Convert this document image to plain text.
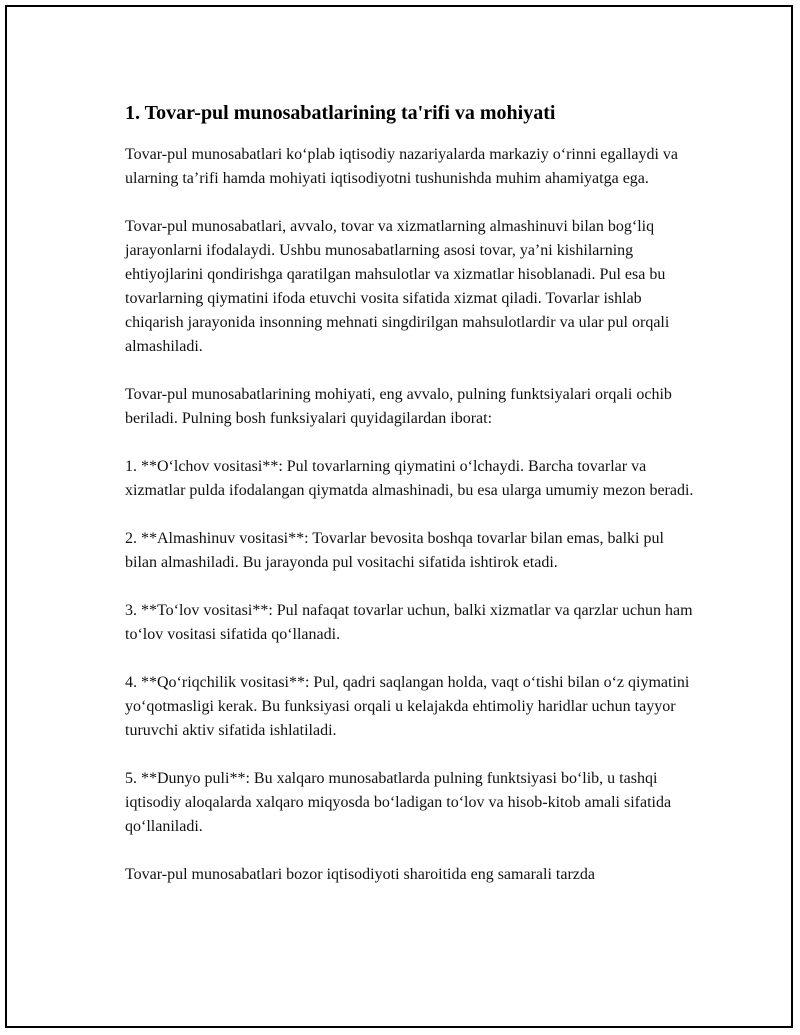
1. Tovar-pul munosabatlarining ta'rifi va mohiyati

Tovar-pul munosabatlari ko‘plab iqtisodiy nazariyalarda markaziy o‘rinni egallaydi va ularning ta’rifi hamda mohiyati iqtisodiyotni tushunishda muhim ahamiyatga ega.

Tovar-pul munosabatlari, avvalo, tovar va xizmatlarning almashinuvi bilan bog‘liq jarayonlarni ifodalaydi. Ushbu munosabatlarning asosi tovar, ya’ni kishilarning ehtiyojlarini qondirishga qaratilgan mahsulotlar va xizmatlar hisoblanadi. Pul esa bu tovarlarning qiymatini ifoda etuvchi vosita sifatida xizmat qiladi. Tovarlar ishlab chiqarish jarayonida insonning mehnati singdirilgan mahsulotlardir va ular pul orqali almashiladi.

Tovar-pul munosabatlarining mohiyati, eng avvalo, pulning funktsiyalari orqali ochib beriladi. Pulning bosh funksiyalari quyidagilardan iborat:

1. **O‘lchov vositasi**: Pul tovarlarning qiymatini o‘lchaydi. Barcha tovarlar va xizmatlar pulda ifodalangan qiymatda almashinadi, bu esa ularga umumiy mezon beradi.

2. **Almashinuv vositasi**: Tovarlar bevosita boshqa tovarlar bilan emas, balki pul bilan almashiladi. Bu jarayonda pul vositachi sifatida ishtirok etadi.

3. **To‘lov vositasi**: Pul nafaqat tovarlar uchun, balki xizmatlar va qarzlar uchun ham to‘lov vositasi sifatida qo‘llanadi.

4. **Qo‘riqchilik vositasi**: Pul, qadri saqlangan holda, vaqt o‘tishi bilan o‘z qiymatini yo‘qotmasligi kerak. Bu funksiyasi orqali u kelajakda ehtimoliy haridlar uchun tayyor turuvchi aktiv sifatida ishlatiladi.

5. **Dunyo puli**: Bu xalqaro munosabatlarda pulning funktsiyasi bo‘lib, u tashqi iqtisodiy aloqalarda xalqaro miqyosda bo‘ladigan to‘lov va hisob-kitob amali sifatida qo‘llaniladi.

Tovar-pul munosabatlari bozor iqtisodiyoti sharoitida eng samarali tarzda
